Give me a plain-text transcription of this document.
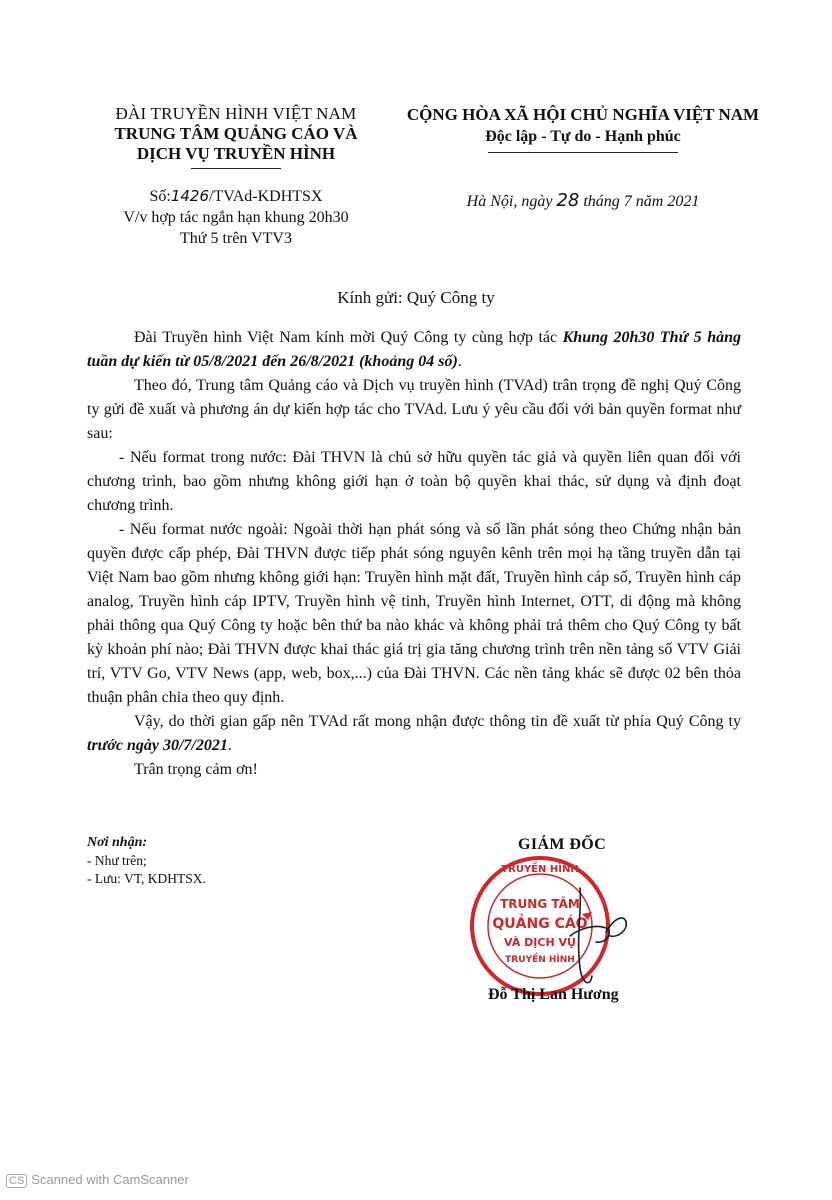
ĐÀI TRUYỀN HÌNH VIỆT NAM
TRUNG TÂM QUẢNG CÁO VÀ
DỊCH VỤ TRUYỀN HÌNH
CỘNG HÒA XÃ HỘI CHỦ NGHĨA VIỆT NAM
Độc lập - Tự do - Hạnh phúc
Số:1426/TVAd-KDHTSX
V/v hợp tác ngắn hạn khung 20h30
Thứ 5 trên VTV3
Hà Nội, ngày 28 tháng 7 năm 2021
Kính gửi: Quý Công ty

Đài Truyền hình Việt Nam kính mời Quý Công ty cùng hợp tác Khung 20h30 Thứ 5 hàng tuần dự kiến từ 05/8/2021 đến 26/8/2021 (khoảng 04 số).

Theo đó, Trung tâm Quảng cáo và Dịch vụ truyền hình (TVAd) trân trọng đề nghị Quý Công ty gửi đề xuất và phương án dự kiến hợp tác cho TVAd. Lưu ý yêu cầu đối với bản quyền format như sau:

- Nếu format trong nước: Đài THVN là chủ sở hữu quyền tác giả và quyền liên quan đối với chương trình, bao gồm nhưng không giới hạn ở toàn bộ quyền khai thác, sử dụng và định đoạt chương trình.

- Nếu format nước ngoài: Ngoài thời hạn phát sóng và số lần phát sóng theo Chứng nhận bản quyền được cấp phép, Đài THVN được tiếp phát sóng nguyên kênh trên mọi hạ tầng truyền dẫn tại Việt Nam bao gồm nhưng không giới hạn: Truyền hình mặt đất, Truyền hình cáp số, Truyền hình cáp analog, Truyền hình cáp IPTV, Truyền hình vệ tinh, Truyền hình Internet, OTT, di động mà không phải thông qua Quý Công ty hoặc bên thứ ba nào khác và không phải trả thêm cho Quý Công ty bất kỳ khoản phí nào; Đài THVN được khai thác giá trị gia tăng chương trình trên nền tảng số VTV Giải trí, VTV Go, VTV News (app, web, box,...) của Đài THVN. Các nền tảng khác sẽ được 02 bên thỏa thuận phân chia theo quy định.

Vậy, do thời gian gấp nên TVAd rất mong nhận được thông tin đề xuất từ phía Quý Công ty trước ngày 30/7/2021.

Trân trọng cảm ơn!

Nơi nhận:
- Như trên;
- Lưu: VT, KDHTSX.
GIÁM ĐỐC
TRUYỀN HÌNH
TRUNG TÂM
QUẢNG CÁO
VÀ DỊCH VỤ
TRUYỀN HÌNH
Đỗ Thị Lan Hương
CS Scanned with CamScanner
